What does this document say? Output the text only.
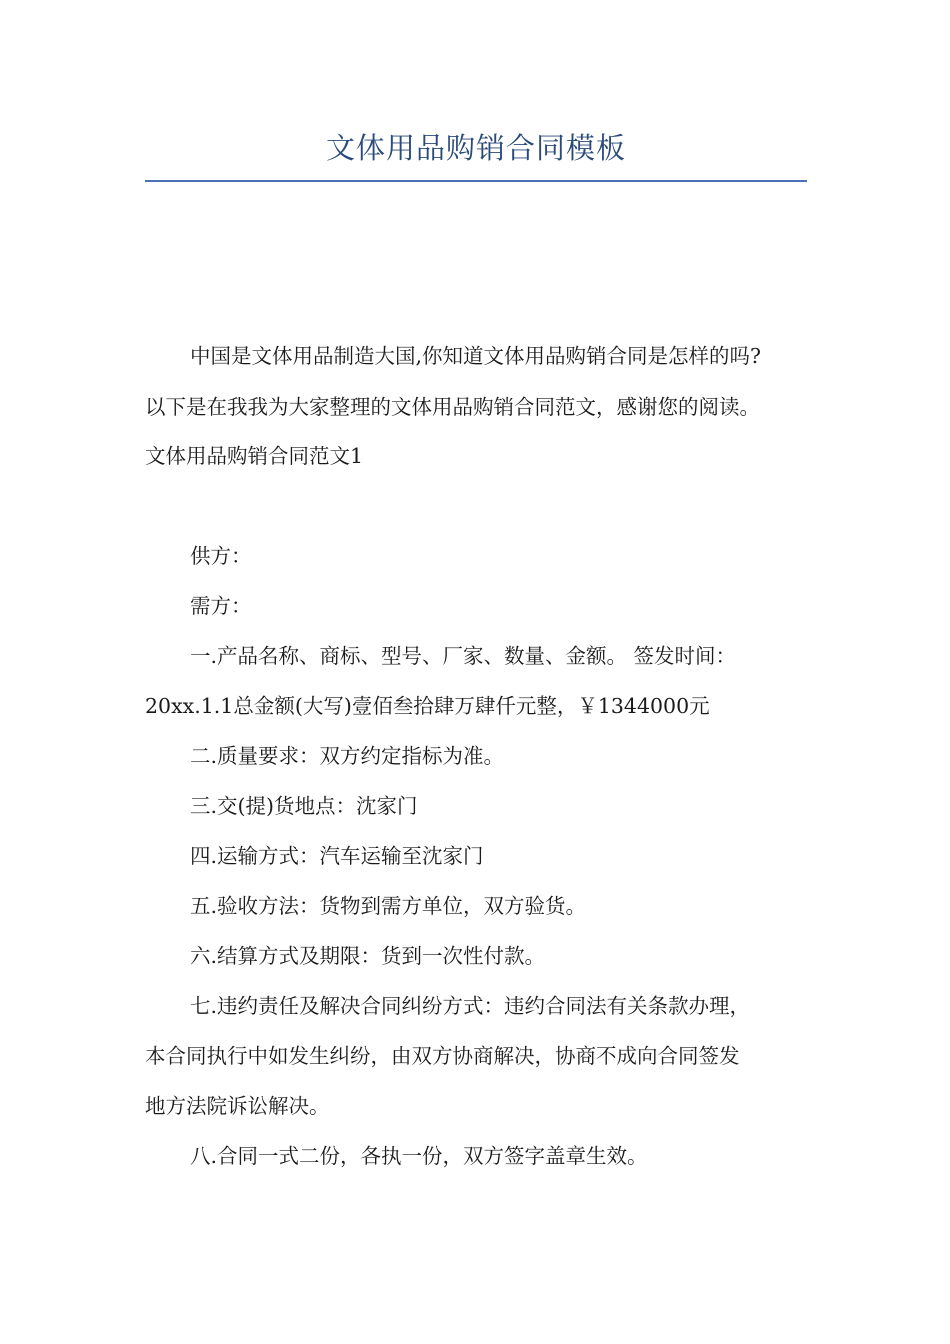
文体用品购销合同模板
中国是文体用品制造大国,你知道文体用品购销合同是怎样的吗?
以下是在我我为大家整理的文体用品购销合同范文，感谢您的阅读。
文体用品购销合同范文1
供方：
需方：
一.产品名称、商标、型号、厂家、数量、金额。 签发时间：
20xx.1.1总金额(大写)壹佰叁拾肆万肆仟元整，￥1344000元
二.质量要求：双方约定指标为准。
三.交(提)货地点：沈家门
四.运输方式：汽车运输至沈家门
五.验收方法：货物到需方单位，双方验货。
六.结算方式及期限：货到一次性付款。
七.违约责任及解决合同纠纷方式：违约合同法有关条款办理，
本合同执行中如发生纠纷，由双方协商解决，协商不成向合同签发
地方法院诉讼解决。
八.合同一式二份，各执一份，双方签字盖章生效。
